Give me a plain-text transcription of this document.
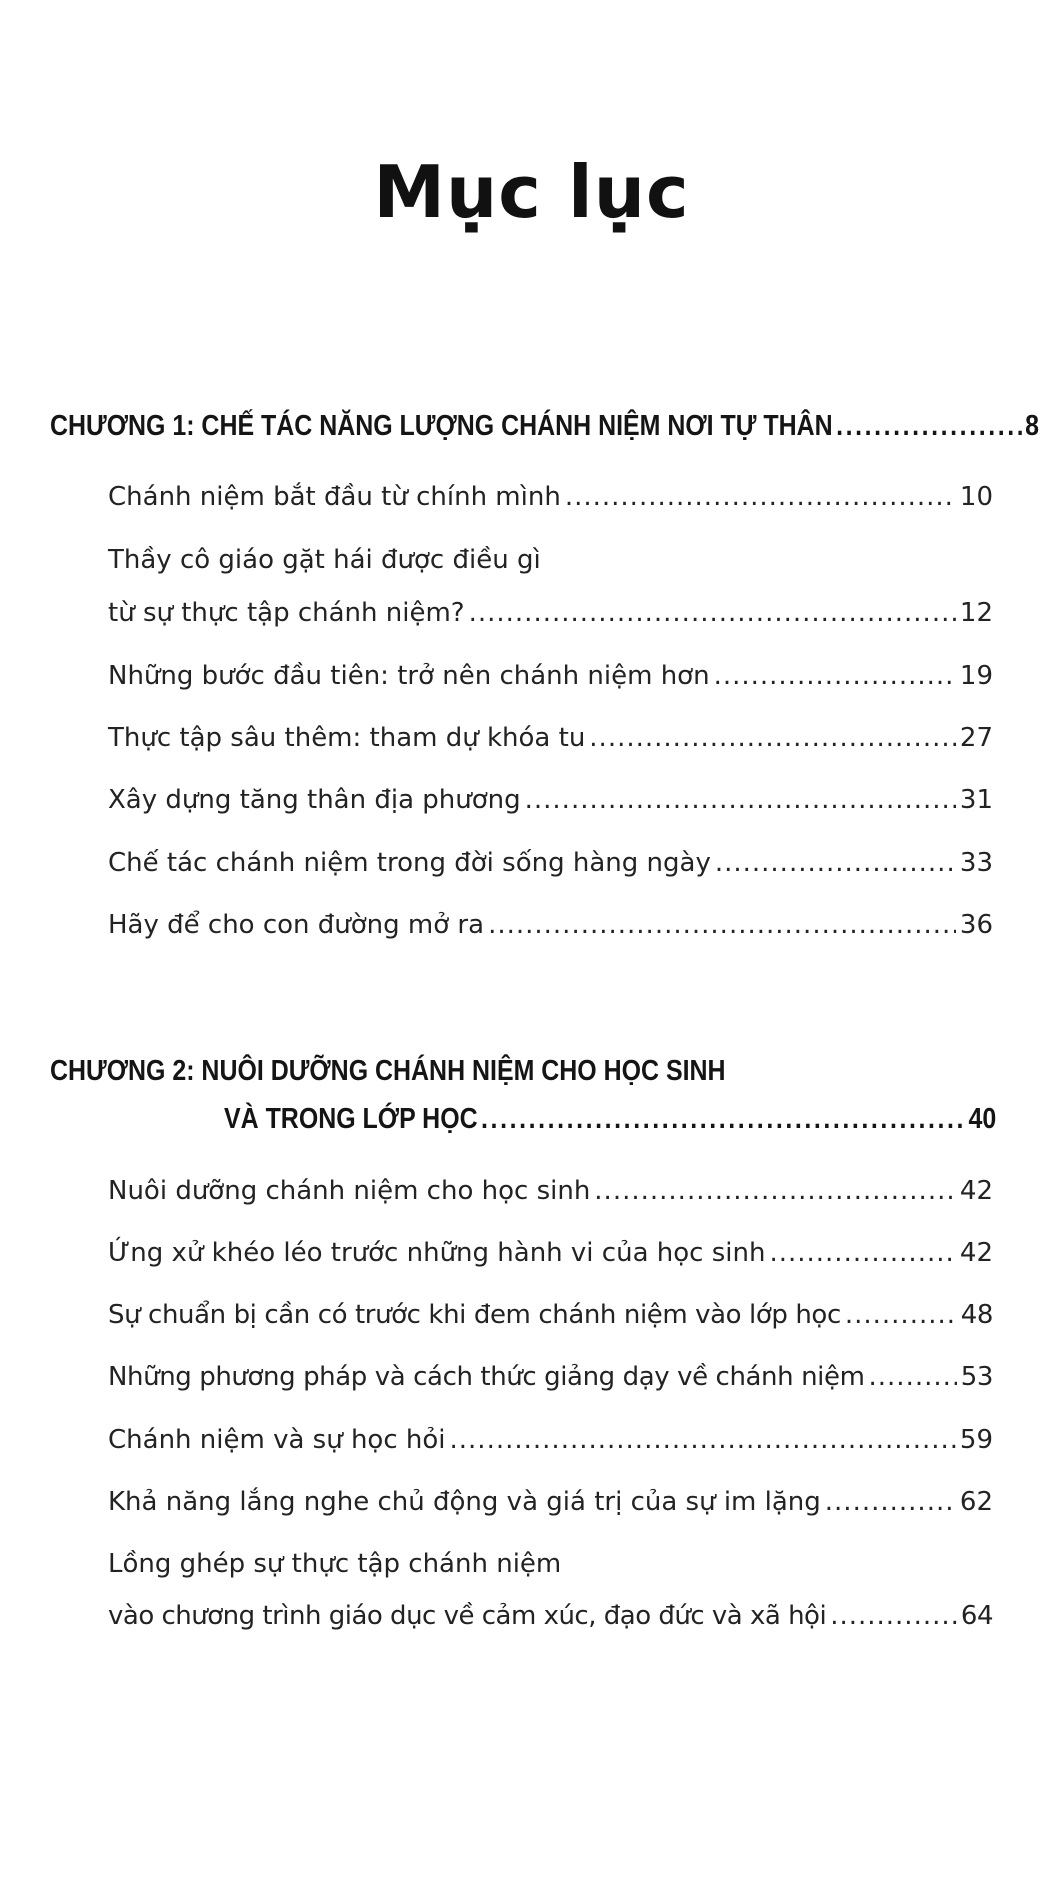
Mục lục
CHƯƠNG 1: CHẾ TÁC NĂNG LƯỢNG CHÁNH NIỆM NƠI TỰ THÂN .....	8
Chánh niệm bắt đầu từ chính mình .....	10
Thầy cô giáo gặt hái được điều gì
từ sự thực tập chánh niệm? .....	12
Những bước đầu tiên: trở nên chánh niệm hơn .....	19
Thực tập sâu thêm: tham dự khóa tu .....	27
Xây dựng tăng thân địa phương .....	31
Chế tác chánh niệm trong đời sống hàng ngày .....	33
Hãy để cho con đường mở ra .....	36
CHƯƠNG 2: NUÔI DƯỠNG CHÁNH NIỆM CHO HỌC SINH
VÀ TRONG LỚP HỌC .....	40
Nuôi dưỡng chánh niệm cho học sinh .....	42
Ứng xử khéo léo trước những hành vi của học sinh .....	42
Sự chuẩn bị cần có trước khi đem chánh niệm vào lớp học .....	48
Những phương pháp và cách thức giảng dạy về chánh niệm .....	53
Chánh niệm và sự học hỏi .....	59
Khả năng lắng nghe chủ động và giá trị của sự im lặng .....	62
Lồng ghép sự thực tập chánh niệm
vào chương trình giáo dục về cảm xúc, đạo đức và xã hội .....	64
